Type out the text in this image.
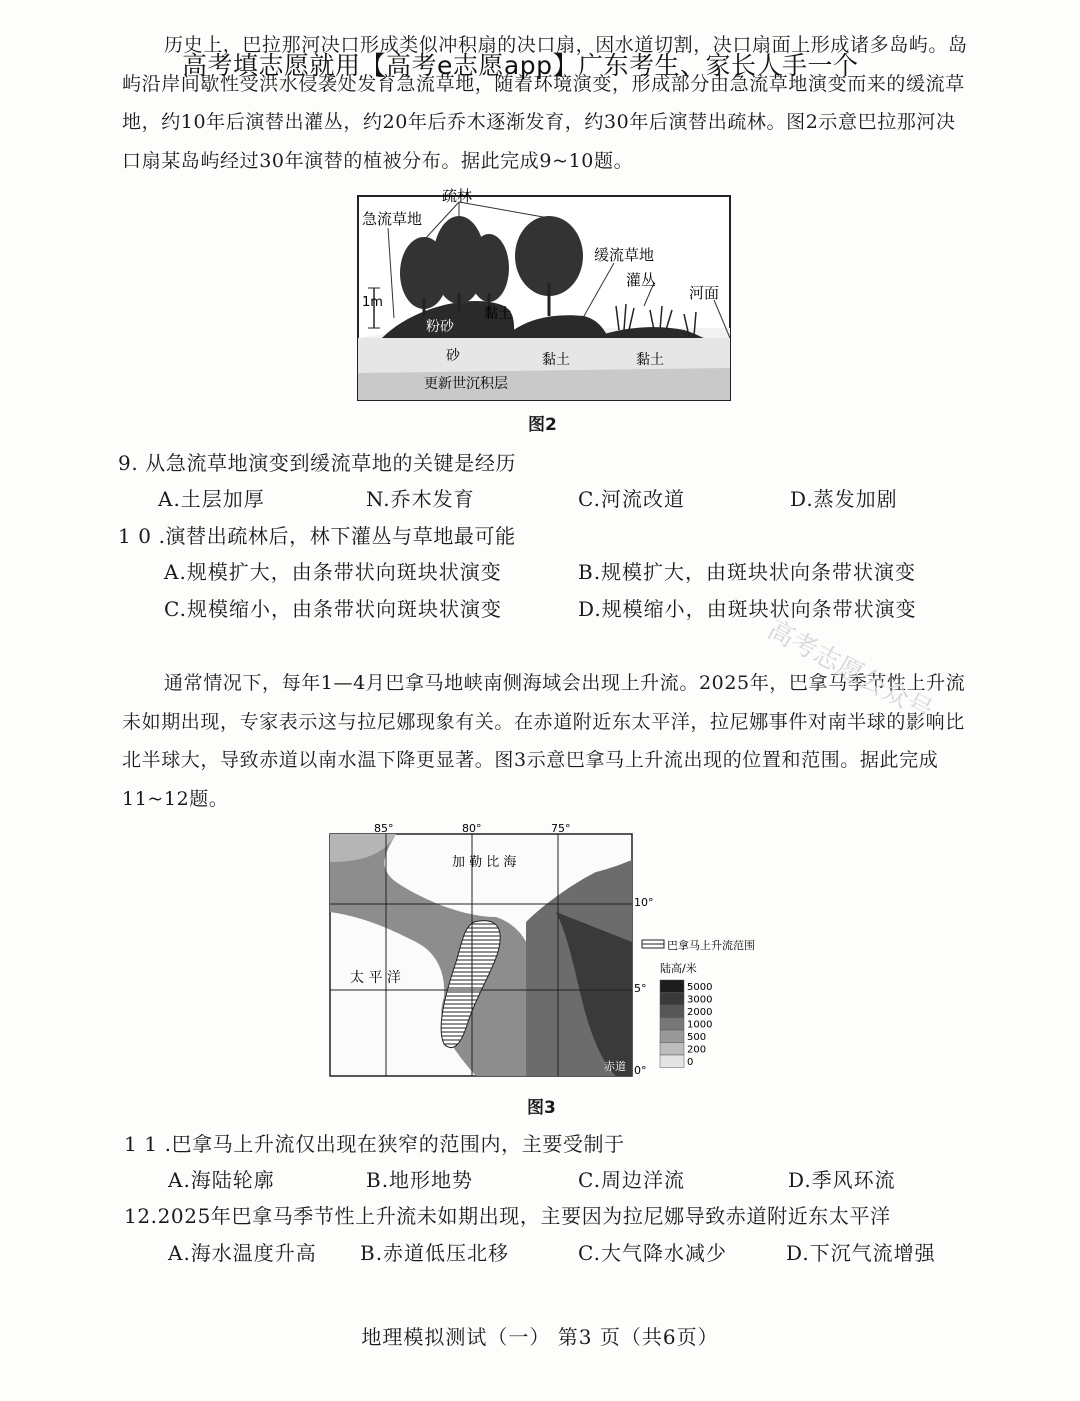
历史上，巴拉那河决口形成类似冲积扇的决口扇，因水道切割，决口扇面上形成诸多岛屿。岛屿沿岸间歇性受洪水侵袭处发育急流草地，随着环境演变，形成部分由急流草地演变而来的缓流草地，约10年后演替出灌丛，约20年后乔木逐渐发育，约30年后演替出疏林。图2示意巴拉那河决口扇某岛屿经过30年演替的植被分布。据此完成9~10题。
高考填志愿就用【高考e志愿app】广东考生、家长人手一个
疏林
急流草地
缓流草地
灌丛
河面
1m
粉砂
黏土
砂	黏土	黏土
更新世沉积层
图2
9. 从急流草地演变到缓流草地的关键是经历
A.土层加厚	N.乔木发育	C.河流改道	D.蒸发加剧
1 0 .演替出疏林后，林下灌丛与草地最可能
A.规模扩大，由条带状向斑块状演变	B.规模扩大，由斑块状向条带状演变
C.规模缩小，由条带状向斑块状演变	D.规模缩小，由斑块状向条带状演变
通常情况下，每年1—4月巴拿马地峡南侧海域会出现上升流。2025年，巴拿马季节性上升流未如期出现，专家表示这与拉尼娜现象有关。在赤道附近东太平洋，拉尼娜事件对南半球的影响比北半球大，导致赤道以南水温下降更显著。图3示意巴拿马上升流出现的位置和范围。据此完成11~12题。
85°	80°	75°
10°
5°
0°
加 勒 比 海
太 平 洋
赤道
巴拿马上升流范围
陆高/米
5000
3000
2000
1000
500
200
0
图3
1 1 .巴拿马上升流仅出现在狭窄的范围内，主要受制于
A.海陆轮廓	B.地形地势	C.周边洋流	D.季风环流
12.2025年巴拿马季节性上升流未如期出现，主要因为拉尼娜导致赤道附近东太平洋
A.海水温度升高 B.赤道低压北移	C.大气降水减少	D.下沉气流增强
高考志愿公众号
地理模拟测试（一） 第3 页（共6页）
